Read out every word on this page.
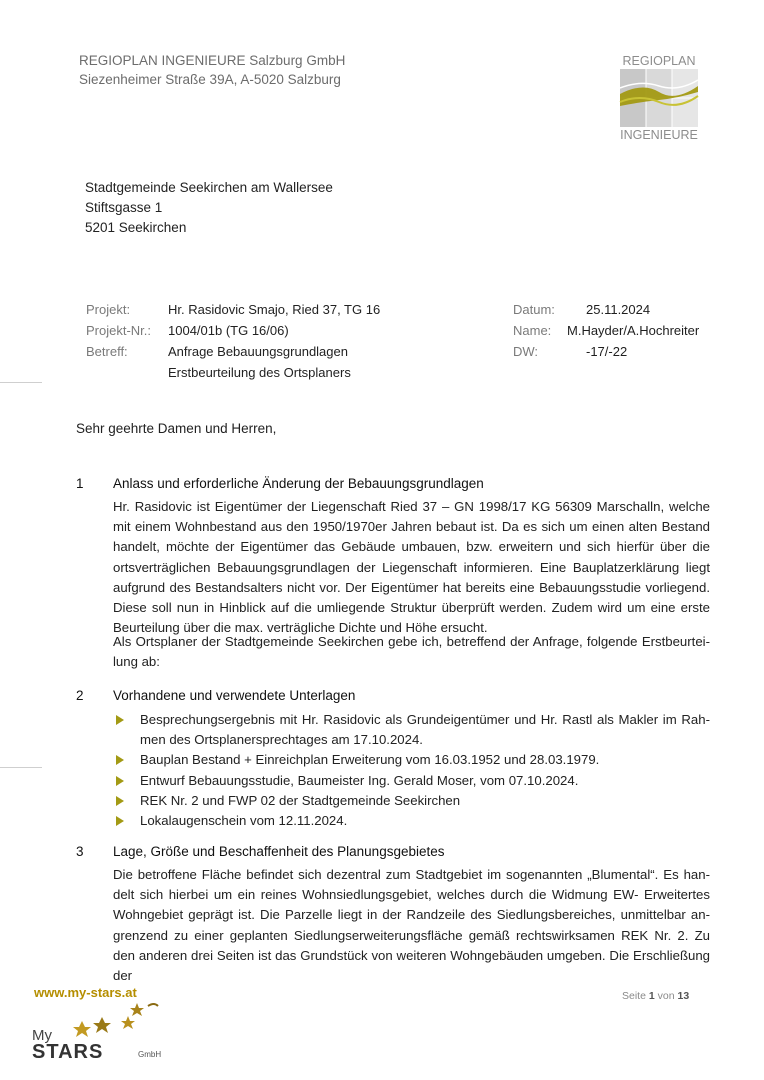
REGIOPLAN INGENIEURE Salzburg GmbH
Siezenheimer Straße 39A, A-5020 Salzburg
REGIOPLAN
INGENIEURE
Stadtgemeinde Seekirchen am Wallersee
Stiftsgasse 1
5201 Seekirchen
Projekt:
Projekt-Nr.:
Betreff:
Hr. Rasidovic Smajo, Ried 37, TG 16
1004/01b (TG 16/06)
Anfrage Bebauungsgrundlagen
Erstbeurteilung des Ortsplaners
Datum:
Name:
DW:
25.11.2024
M.Hayder/A.Hochreiter
-17/-22
Sehr geehrte Damen und Herren,
1 Anlass und erforderliche Änderung der Bebauungsgrundlagen

Hr. Rasidovic ist Eigentümer der Liegenschaft Ried 37 – GN 1998/17 KG 56309 Marschalln, welche mit einem Wohnbestand aus den 1950/1970er Jahren bebaut ist. Da es sich um einen alten Bestand handelt, möchte der Eigentümer das Gebäude umbauen, bzw. erweitern und sich hierfür über die ortsverträglichen Bebauungsgrundlagen der Liegenschaft informieren. Eine Bauplatzerklärung liegt aufgrund des Bestandsalters nicht vor. Der Eigentümer hat bereits eine Bebauungsstudie vorliegend. Diese soll nun in Hinblick auf die umliegende Struktur überprüft werden. Zudem wird um eine erste Beurteilung über die max. verträgliche Dichte und Höhe ersucht.

Als Ortsplaner der Stadtgemeinde Seekirchen gebe ich, betreffend der Anfrage, folgende Erstbeurteilung ab:

2 Vorhandene und verwendete Unterlagen
Besprechungsergebnis mit Hr. Rasidovic als Grundeigentümer und Hr. Rastl als Makler im Rahmen des Ortsplanersprechtages am 17.10.2024.
Bauplan Bestand + Einreichplan Erweiterung vom 16.03.1952 und 28.03.1979.
Entwurf Bebauungsstudie, Baumeister Ing. Gerald Moser, vom 07.10.2024.
REK Nr. 2 und FWP 02 der Stadtgemeinde Seekirchen
Lokalaugenschein vom 12.11.2024.
3 Lage, Größe und Beschaffenheit des Planungsgebietes

Die betroffene Fläche befindet sich dezentral zum Stadtgebiet im sogenannten „Blumental“. Es handelt sich hierbei um ein reines Wohnsiedlungsgebiet, welches durch die Widmung EW- Erweitertes Wohngebiet geprägt ist. Die Parzelle liegt in der Randzeile des Siedlungsbereiches, unmittelbar angrenzend zu einer geplanten Siedlungserweiterungsfläche gemäß rechtswirksamen REK Nr. 2. Zu den anderen drei Seiten ist das Grundstück von weiteren Wohngebäuden umgeben. Die Erschließung der

Seite 1 von 13
www.my-stars.at
My
STARS	GmbH
